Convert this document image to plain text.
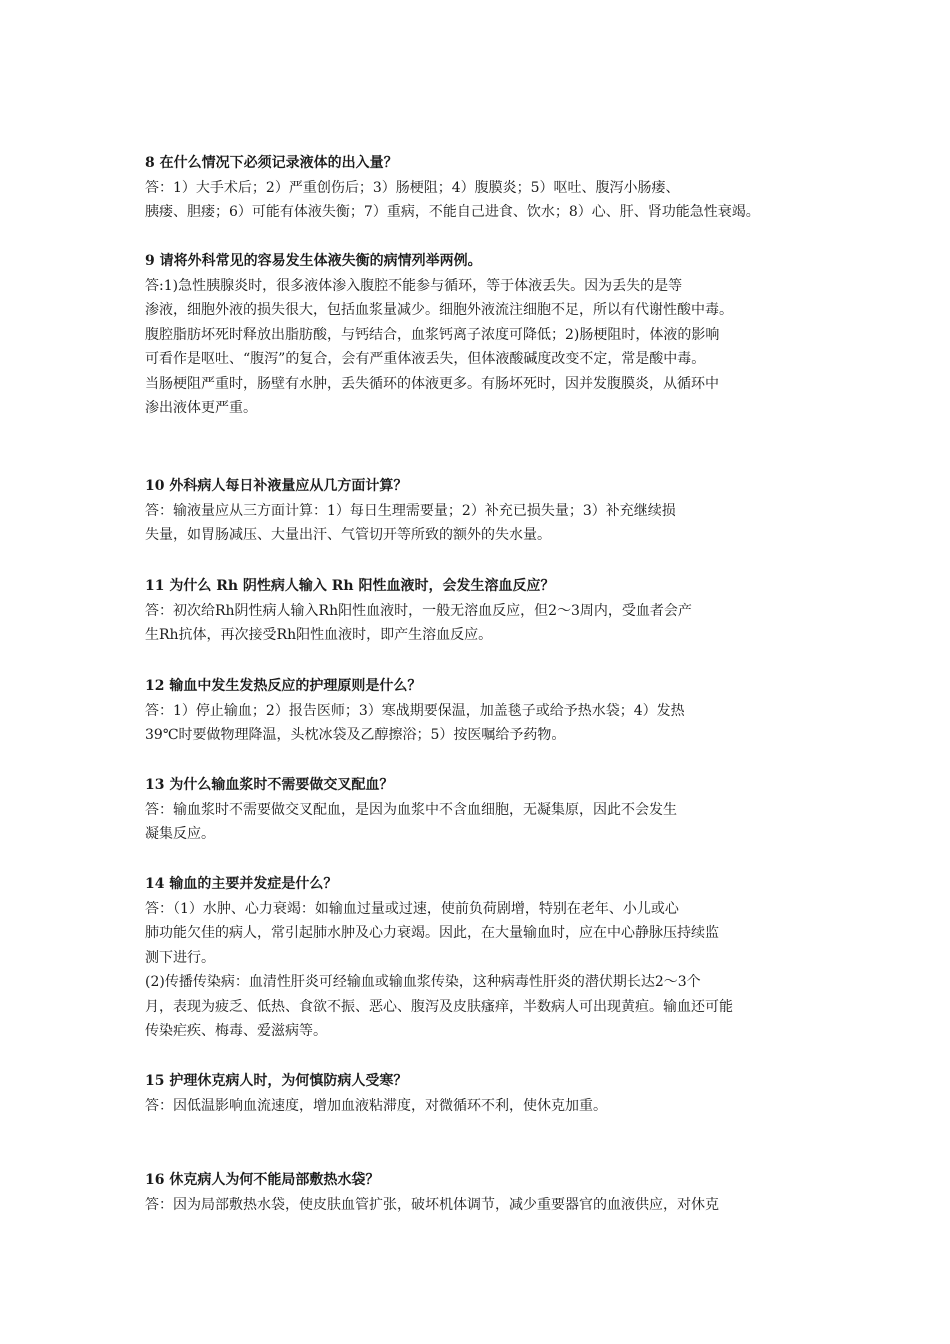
8 在什么情况下必须记录液体的出入量？
答：1）大手术后；2）严重创伤后；3）肠梗阻；4）腹膜炎；5）呕吐、腹泻小肠瘘、
胰瘘、胆瘘；6）可能有体液失衡；7）重病，不能自己进食、饮水；8）心、肝、肾功能急性衰竭。
9 请将外科常见的容易发生体液失衡的病情列举两例。
答:1)急性胰腺炎时，很多液体渗入腹腔不能参与循环，等于体液丢失。因为丢失的是等
渗液，细胞外液的损失很大，包括血浆量减少。细胞外液流注细胞不足，所以有代谢性酸中毒。
腹腔脂肪坏死时释放出脂肪酸，与钙结合，血浆钙离子浓度可降低；2)肠梗阻时，体液的影响
可看作是呕吐、“腹泻”的复合，会有严重体液丢失，但体液酸碱度改变不定，常是酸中毒。
当肠梗阻严重时，肠壁有水肿，丢失循环的体液更多。有肠坏死时，因并发腹膜炎，从循环中
渗出液体更严重。
10 外科病人每日补液量应从几方面计算？
答：输液量应从三方面计算：1）每日生理需要量；2）补充已损失量；3）补充继续损
失量，如胃肠减压、大量出汗、气管切开等所致的额外的失水量。
11 为什么 Rh 阴性病人输入 Rh 阳性血液时，会发生溶血反应？
答：初次给Rh阴性病人输入Rh阳性血液时，一般无溶血反应，但2～3周内，受血者会产
生Rh抗体，再次接受Rh阳性血液时，即产生溶血反应。
12 输血中发生发热反应的护理原则是什么？
答：1）停止输血；2）报告医师；3）寒战期要保温，加盖毯子或给予热水袋；4）发热
39℃时要做物理降温，头枕冰袋及乙醇擦浴；5）按医嘱给予药物。
13 为什么输血浆时不需要做交叉配血？
答：输血浆时不需要做交叉配血，是因为血浆中不含血细胞，无凝集原，因此不会发生
凝集反应。
14 输血的主要并发症是什么？
答：（1）水肿、心力衰竭：如输血过量或过速，使前负荷剧增，特别在老年、小儿或心
肺功能欠佳的病人，常引起肺水肿及心力衰竭。因此，在大量输血时，应在中心静脉压持续监
测下进行。
(2)传播传染病：血清性肝炎可经输血或输血浆传染，这种病毒性肝炎的潜伏期长达2～3个
月，表现为疲乏、低热、食欲不振、恶心、腹泻及皮肤瘙痒，半数病人可出现黄疸。输血还可能
传染疟疾、梅毒、爱滋病等。
15 护理休克病人时，为何慎防病人受寒？
答：因低温影响血流速度，增加血液粘滞度，对微循环不利，使休克加重。
16 休克病人为何不能局部敷热水袋？
答：因为局部敷热水袋，使皮肤血管扩张，破坏机体调节，减少重要器官的血液供应，对休克
